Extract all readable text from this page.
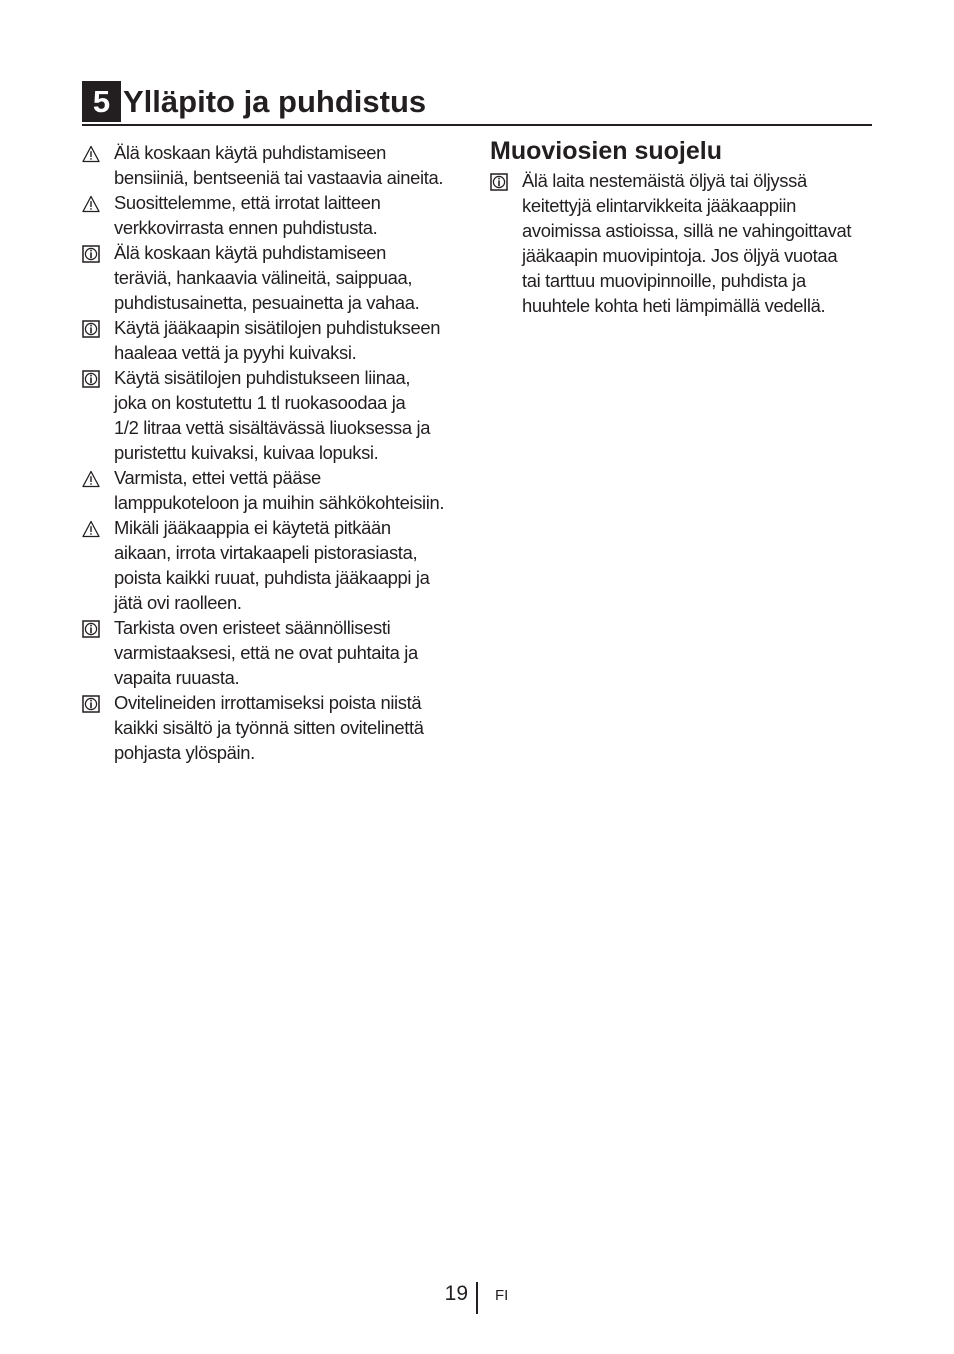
5 Ylläpito ja puhdistus
Älä koskaan käytä puhdistamiseen
bensiiniä, bentseeniä tai vastaavia aineita.
Suosittelemme, että irrotat laitteen
verkkovirrasta ennen puhdistusta.
Älä koskaan käytä puhdistamiseen
teräviä, hankaavia välineitä, saippuaa,
puhdistusainetta, pesuainetta ja vahaa.
Käytä jääkaapin sisätilojen puhdistukseen
haaleaa vettä ja pyyhi kuivaksi.
Käytä sisätilojen puhdistukseen liinaa,
joka on kostutettu 1 tl ruokasoodaa ja
1/2 litraa vettä sisältävässä liuoksessa ja
puristettu kuivaksi, kuivaa lopuksi.
Varmista, ettei vettä pääse
lamppukoteloon ja muihin sähkökohteisiin.
Mikäli jääkaappia ei käytetä pitkään
aikaan, irrota virtakaapeli pistorasiasta,
poista kaikki ruuat, puhdista jääkaappi ja
jätä ovi raolleen.
Tarkista oven eristeet säännöllisesti
varmistaaksesi, että ne ovat puhtaita ja
vapaita ruuasta.
Ovitelineiden irrottamiseksi poista niistä
kaikki sisältö ja työnnä sitten ovitelinettä
pohjasta ylöspäin.
Muoviosien suojelu
Älä laita nestemäistä öljyä tai öljyssä
keitettyjä elintarvikkeita jääkaappiin
avoimissa astioissa, sillä ne vahingoittavat
jääkaapin muovipintoja. Jos öljyä vuotaa
tai tarttuu muovipinnoille, puhdista ja
huuhtele kohta heti lämpimällä vedellä.
19 FI
